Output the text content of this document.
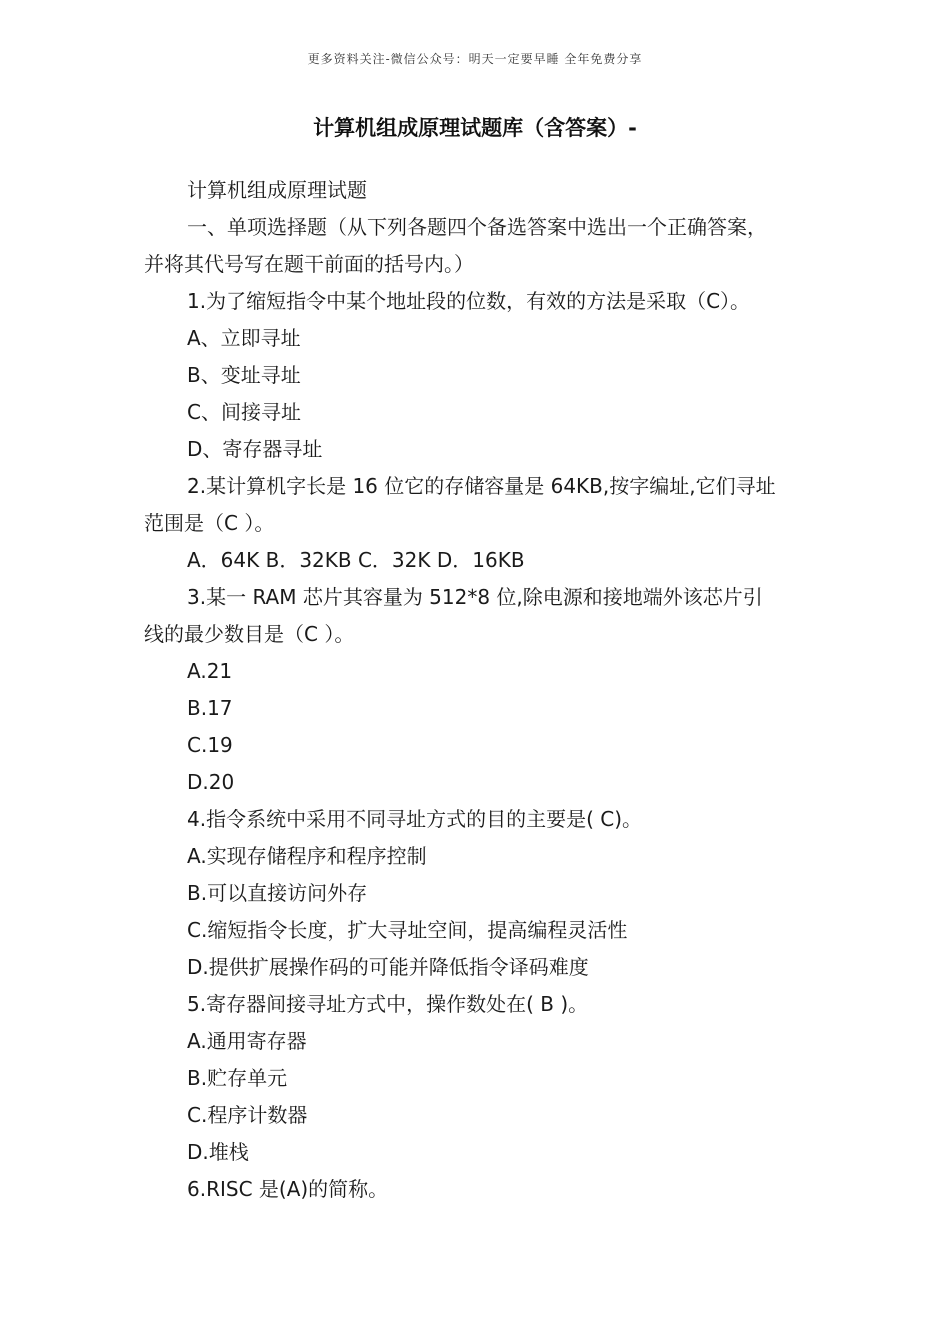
更多资料关注-微信公众号：明天一定要早睡 全年免费分享
计算机组成原理试题库（含答案）-
计算机组成原理试题
一、单项选择题（从下列各题四个备选答案中选出一个正确答案，
并将其代号写在题干前面的括号内。）
1.为了缩短指令中某个地址段的位数，有效的方法是采取（C）。
A、立即寻址
B、变址寻址
C、间接寻址
D、寄存器寻址
2.某计算机字长是 16 位它的存储容量是 64KB,按字编址,它们寻址
范围是（C ）。
A．64K B．32KB C．32K D．16KB
3.某一 RAM 芯片其容量为 512*8 位,除电源和接地端外该芯片引
线的最少数目是（C ）。
A.21
B.17
C.19
D.20
4.指令系统中采用不同寻址方式的目的主要是( C)。
A.实现存储程序和程序控制
B.可以直接访问外存
C.缩短指令长度，扩大寻址空间，提高编程灵活性
D.提供扩展操作码的可能并降低指令译码难度
5.寄存器间接寻址方式中，操作数处在( B )。
A.通用寄存器
B.贮存单元
C.程序计数器
D.堆栈
6.RISC 是(A)的简称。
